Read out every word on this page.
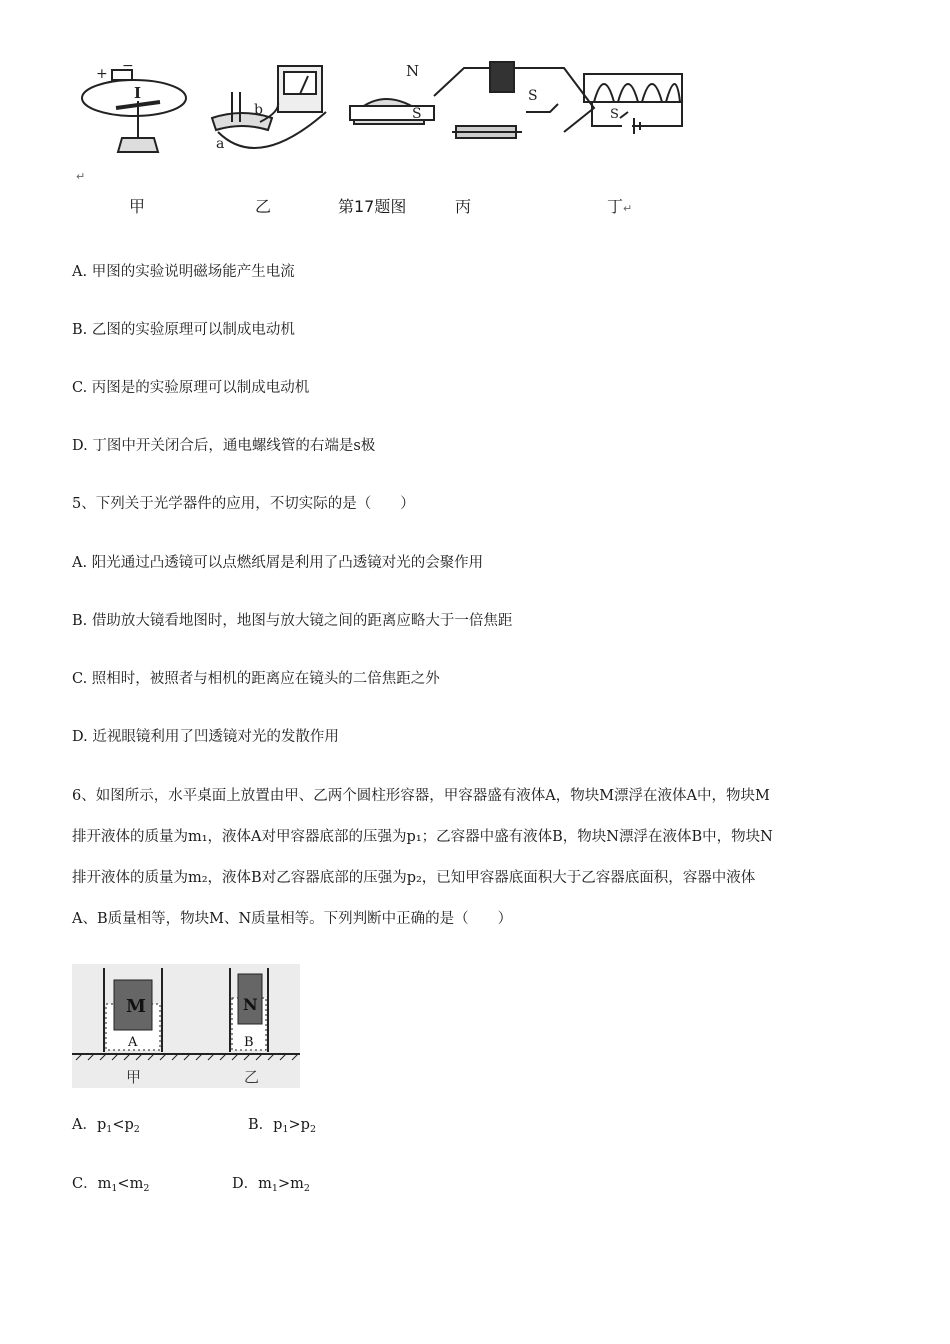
+ −
I
a
b
N
S
S
S
↵
甲	乙	第17题图	丙	丁↵
A. 甲图的实验说明磁场能产生电流
B. 乙图的实验原理可以制成电动机
C. 丙图是的实验原理可以制成电动机
D. 丁图中开关闭合后，通电螺线管的右端是s极
5、下列关于光学器件的应用，不切实际的是（　　）
A. 阳光通过凸透镜可以点燃纸屑是利用了凸透镜对光的会聚作用
B. 借助放大镜看地图时，地图与放大镜之间的距离应略大于一倍焦距
C. 照相时，被照者与相机的距离应在镜头的二倍焦距之外
D. 近视眼镜利用了凹透镜对光的发散作用
6、如图所示，水平桌面上放置由甲、乙两个圆柱形容器，甲容器盛有液体A，物块M漂浮在液体A中，物块M
排开液体的质量为m₁，液体A对甲容器底部的压强为p₁；乙容器中盛有液体B，物块N漂浮在液体B中，物块N
排开液体的质量为m₂，液体B对乙容器底部的压强为p₂，已知甲容器底面积大于乙容器底面积，容器中液体
A、B质量相等，物块M、N质量相等。下列判断中正确的是（　　）
M
A
N
B
甲	乙
A．$p_1<p_2$	B．$p_1>p_2$
C．$m_1<m_2$	D．$m_1>m_2$
